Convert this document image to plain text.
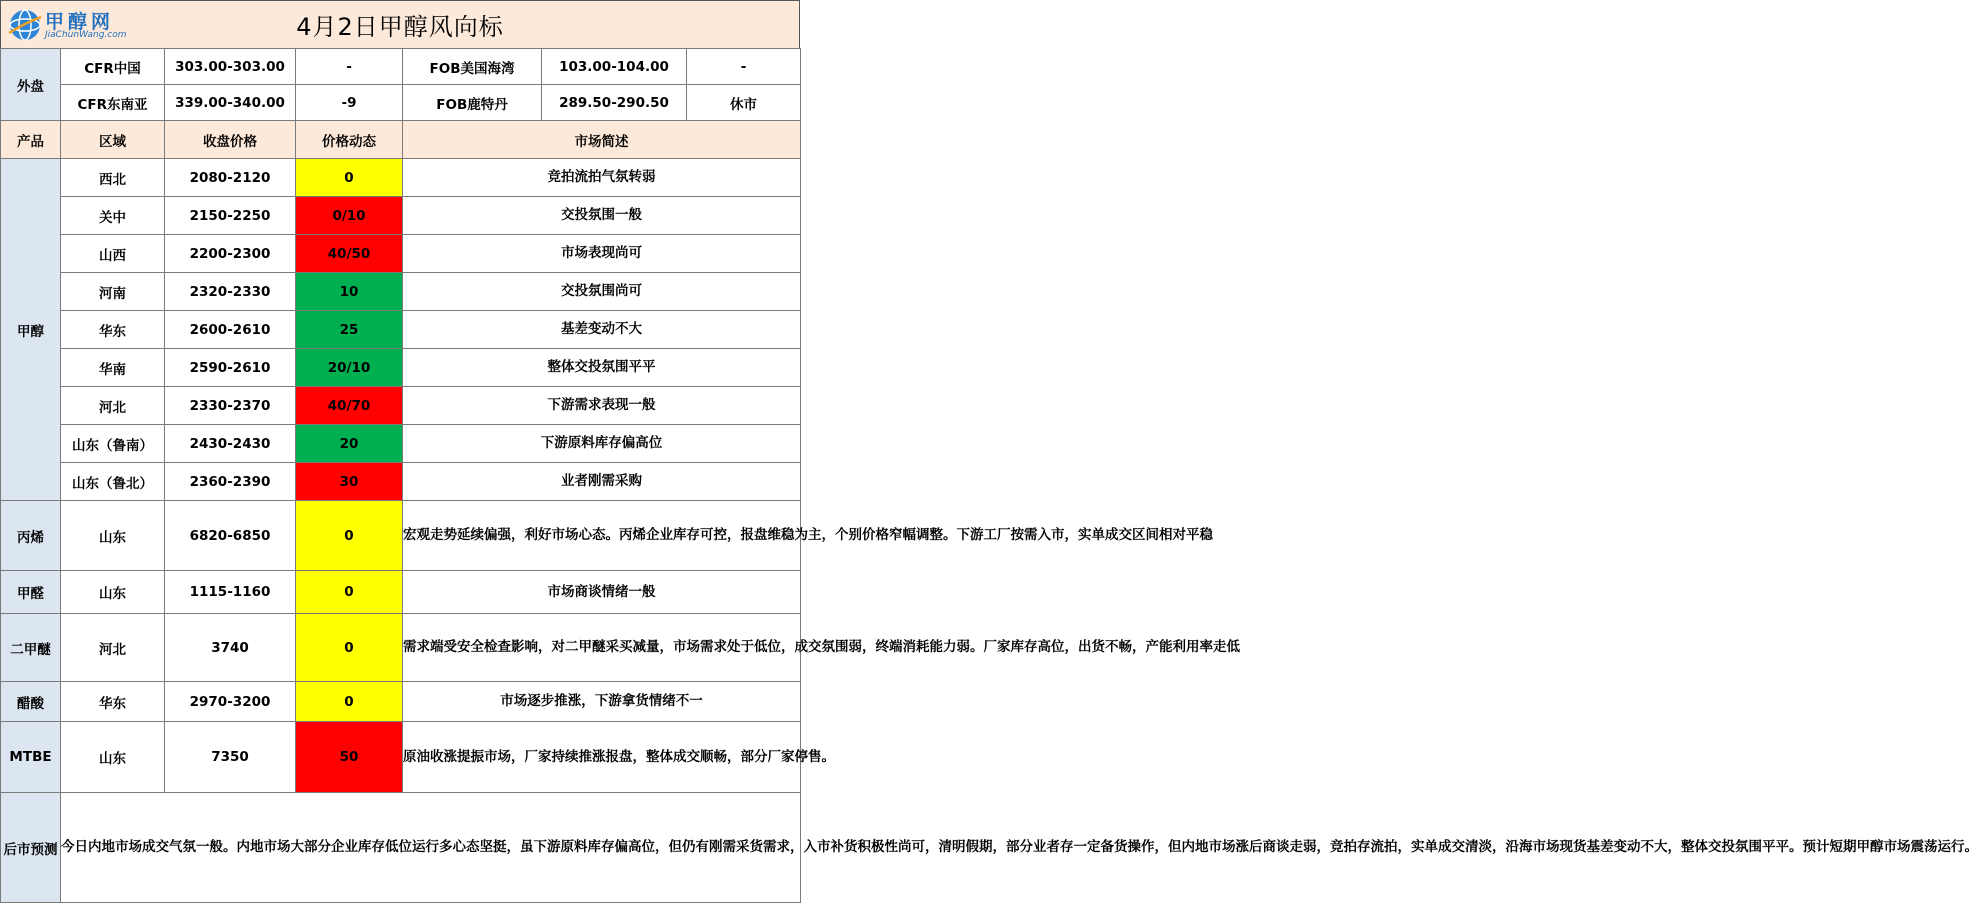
甲醇网
JiaChunWang.com	4月2日甲醇风向标
外盘	CFR中国	303.00-303.00	-	FOB美国海湾	103.00-104.00	-
	CFR东南亚	339.00-340.00	-9	FOB鹿特丹	289.50-290.50	休市
产品	区域	收盘价格	价格动态	市场简述		
甲醇	西北	2080-2120	0	竞拍流拍气氛转弱		
	关中	2150-2250	0/10	交投氛围一般		
	山西	2200-2300	40/50	市场表现尚可		
	河南	2320-2330	10	交投氛围尚可		
	华东	2600-2610	25	基差变动不大		
	华南	2590-2610	20/10	整体交投氛围平平		
	河北	2330-2370	40/70	下游需求表现一般		
	山东（鲁南）	2430-2430	20	下游原料库存偏高位		
	山东（鲁北）	2360-2390	30	业者刚需采购		
丙烯	山东	6820-6850	0	宏观走势延续偏强，利好市场心态。丙烯企业库存可控，报盘维稳为主，个别价格窄幅调整。下游工厂按需入市，实单成交区间相对平稳		
甲醛	山东	1115-1160	0	市场商谈情绪一般		
二甲醚	河北	3740	0	需求端受安全检查影响，对二甲醚采买减量，市场需求处于低位，成交氛围弱，终端消耗能力弱。厂家库存高位，出货不畅，产能利用率走低		
醋酸	华东	2970-3200	0	市场逐步推涨，下游拿货情绪不一		
MTBE	山东	7350	50	原油收涨提振市场，厂家持续推涨报盘，整体成交顺畅，部分厂家停售。		
后市预测	今日内地市场成交气氛一般。内地市场大部分企业库存低位运行多心态坚挺，虽下游原料库存偏高位，但仍有刚需采货需求，入市补货积极性尚可，清明假期，部分业者存一定备货操作，但内地市场涨后商谈走弱，竞拍存流拍，实单成交清淡，沿海市场现货基差变动不大，整体交投氛围平平。预计短期甲醇市场震荡运行。					
